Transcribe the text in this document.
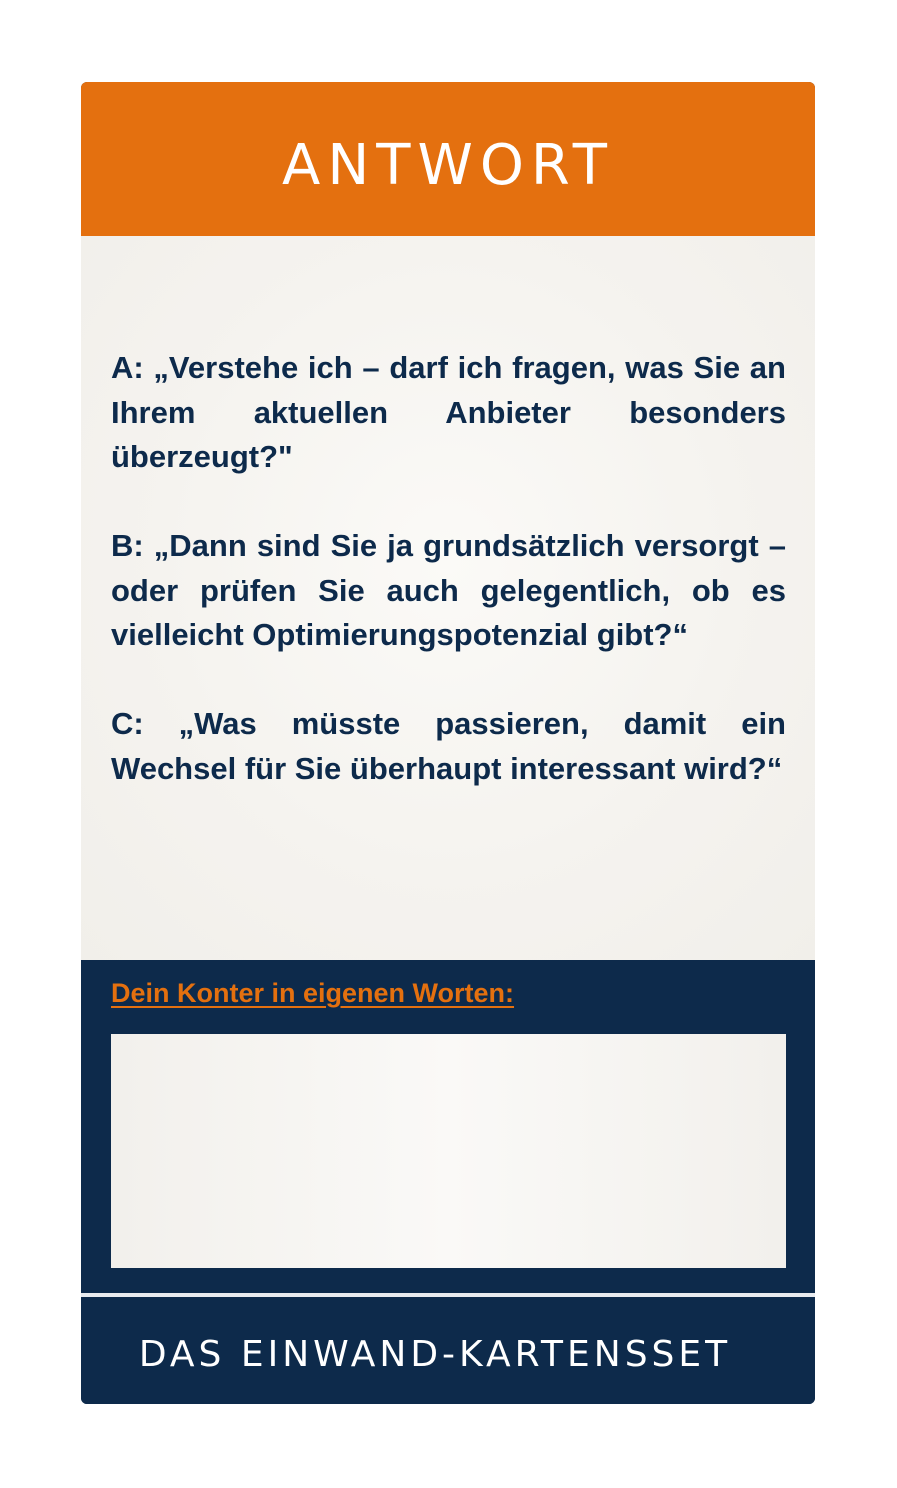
ANTWORT

A: „Verstehe ich – darf ich fragen, was Sie an Ihrem aktuellen Anbieter besonders überzeugt?"

B: „Dann sind Sie ja grundsätzlich versorgt – oder prüfen Sie auch gelegentlich, ob es vielleicht Optimierungspotenzial gibt?“

C: „Was müsste passieren, damit ein Wechsel für Sie überhaupt interessant wird?“

Dein Konter in eigenen Worten:
DAS EINWAND-KARTENSSET
